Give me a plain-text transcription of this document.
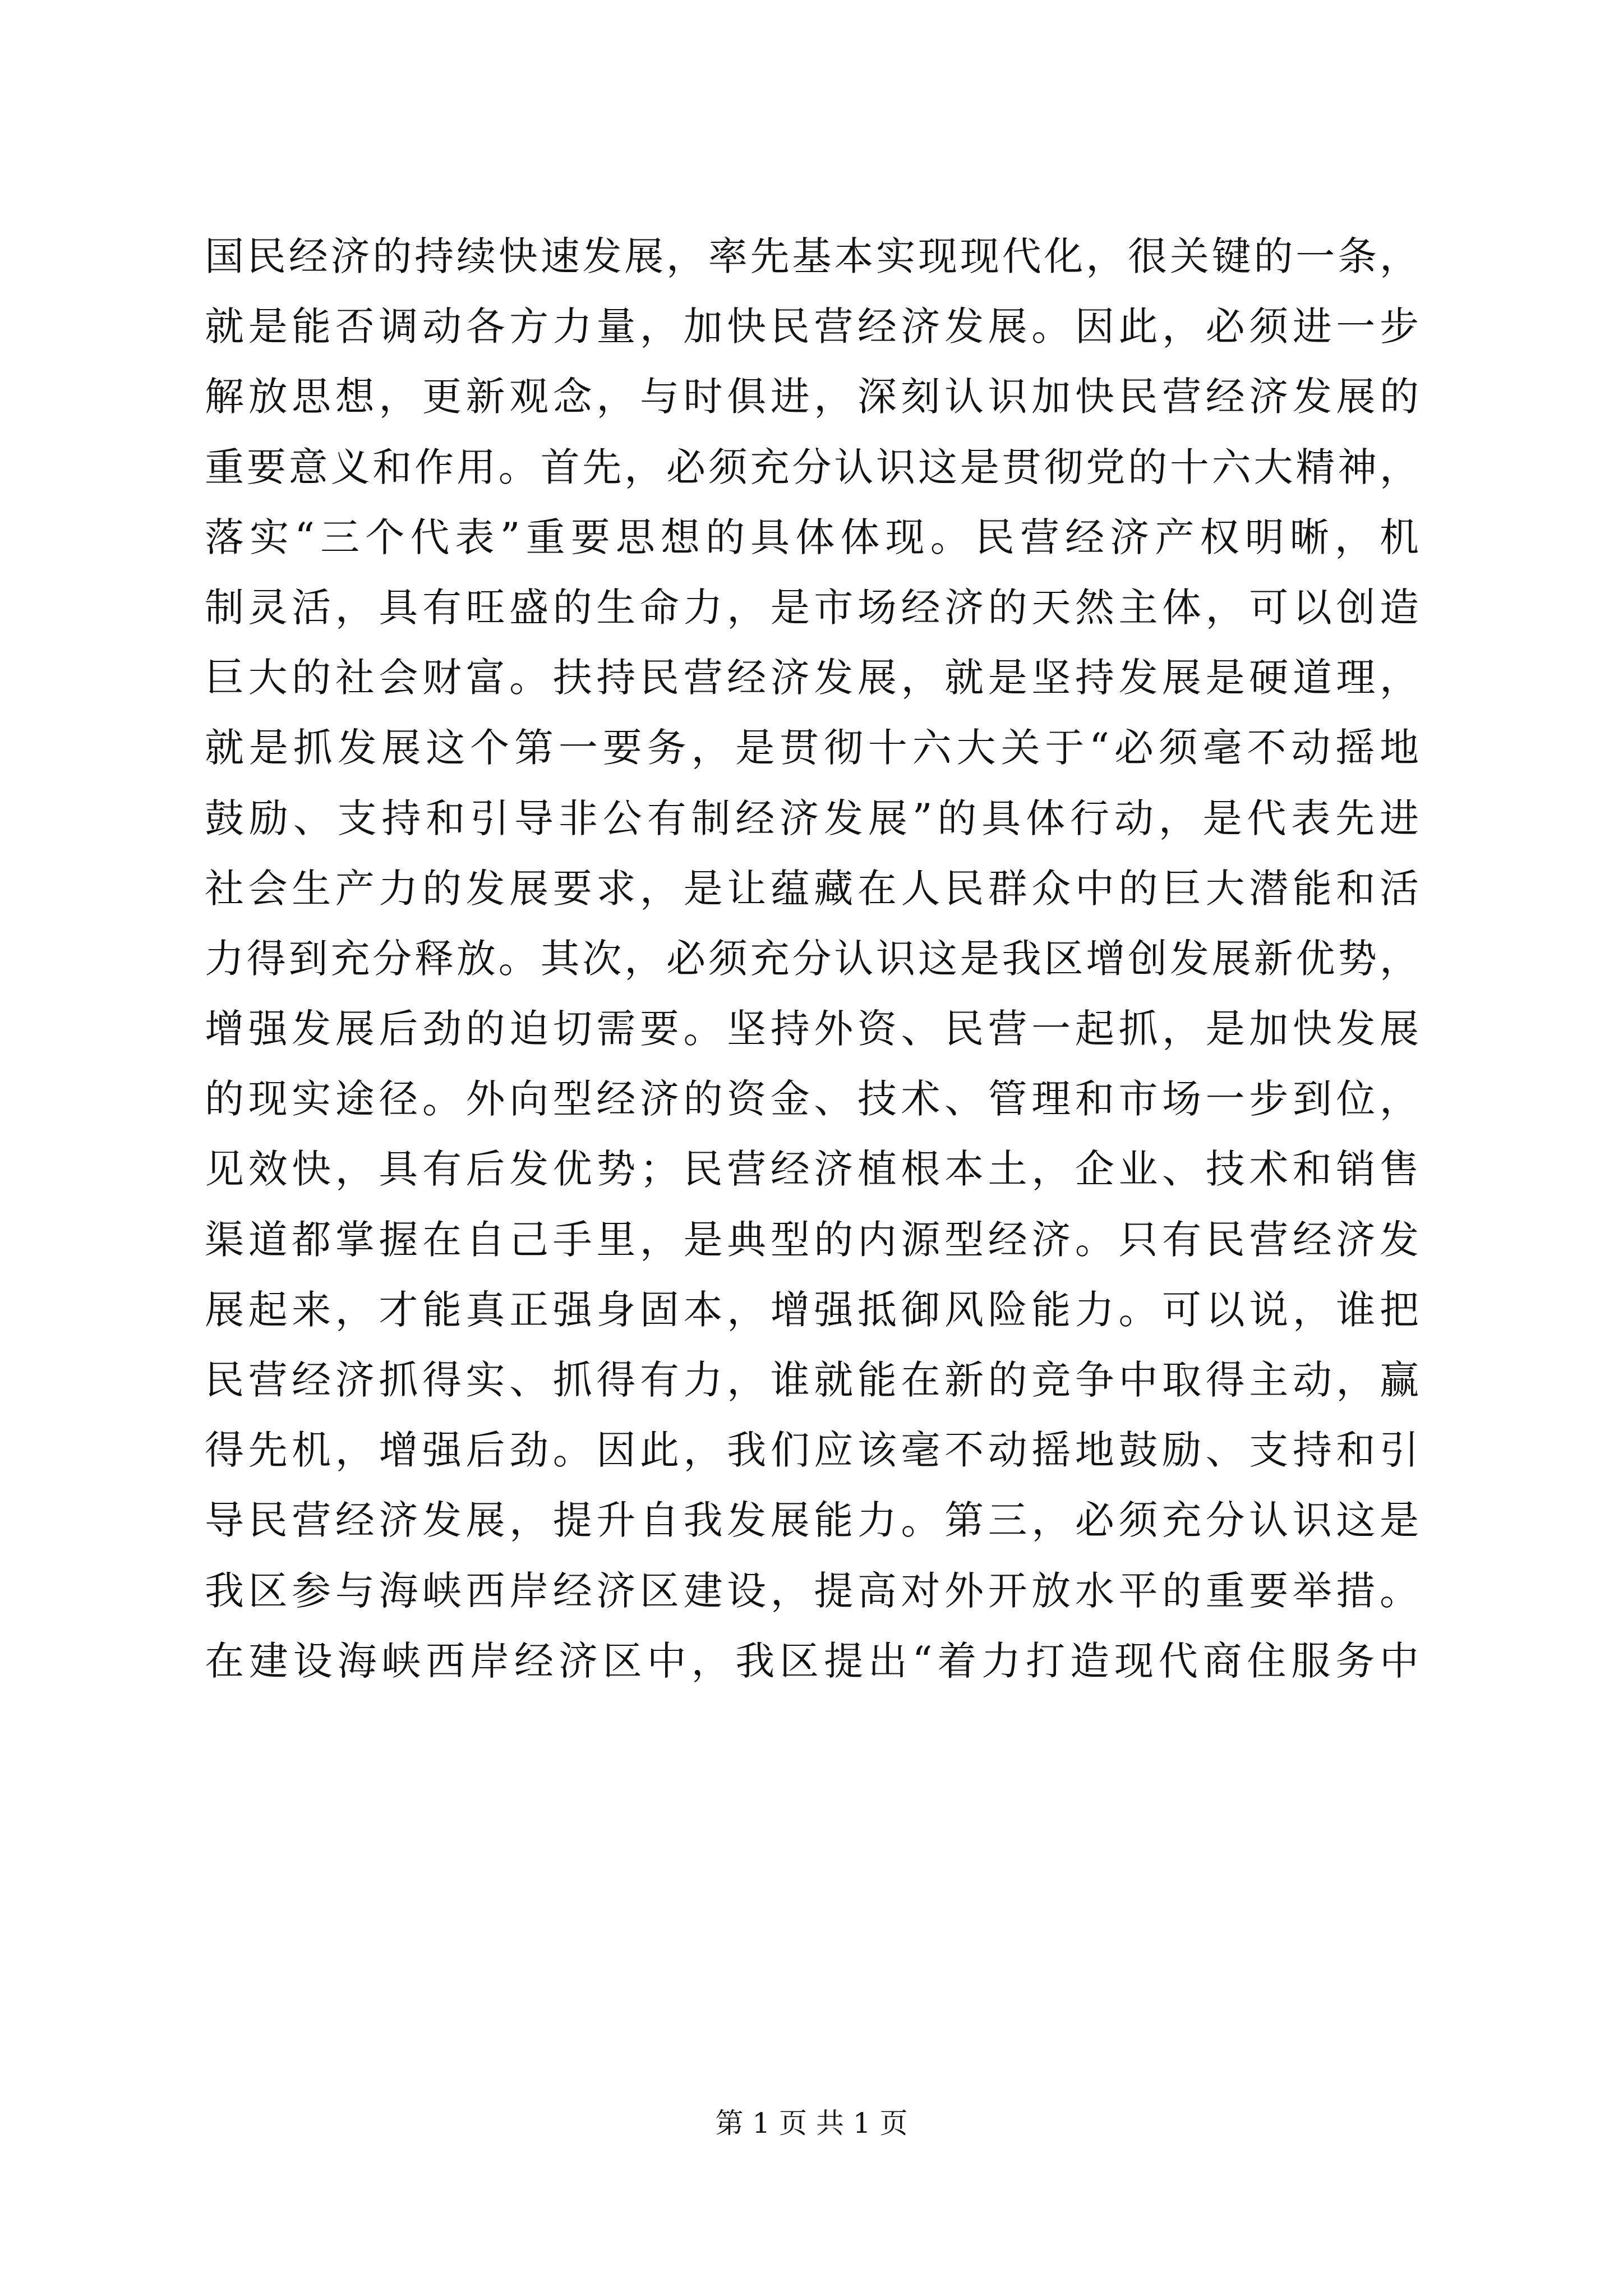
国民经济的持续快速发展，率先基本实现现代化，很关键的一条，
就是能否调动各方力量，加快民营经济发展。因此，必须进一步
解放思想，更新观念，与时俱进，深刻认识加快民营经济发展的
重要意义和作用。首先，必须充分认识这是贯彻党的十六大精神，
落实“三个代表”重要思想的具体体现。民营经济产权明晰，机
制灵活，具有旺盛的生命力，是市场经济的天然主体，可以创造
巨大的社会财富。扶持民营经济发展，就是坚持发展是硬道理，
就是抓发展这个第一要务，是贯彻十六大关于“必须毫不动摇地
鼓励、支持和引导非公有制经济发展”的具体行动，是代表先进
社会生产力的发展要求，是让蕴藏在人民群众中的巨大潜能和活
力得到充分释放。其次，必须充分认识这是我区增创发展新优势，
增强发展后劲的迫切需要。坚持外资、民营一起抓，是加快发展
的现实途径。外向型经济的资金、技术、管理和市场一步到位，
见效快，具有后发优势；民营经济植根本土，企业、技术和销售
渠道都掌握在自己手里，是典型的内源型经济。只有民营经济发
展起来，才能真正强身固本，增强抵御风险能力。可以说，谁把
民营经济抓得实、抓得有力，谁就能在新的竞争中取得主动，赢
得先机，增强后劲。因此，我们应该毫不动摇地鼓励、支持和引
导民营经济发展，提升自我发展能力。第三，必须充分认识这是
我区参与海峡西岸经济区建设，提高对外开放水平的重要举措。
在建设海峡西岸经济区中，我区提出“着力打造现代商住服务中
第 1 页 共 1 页
